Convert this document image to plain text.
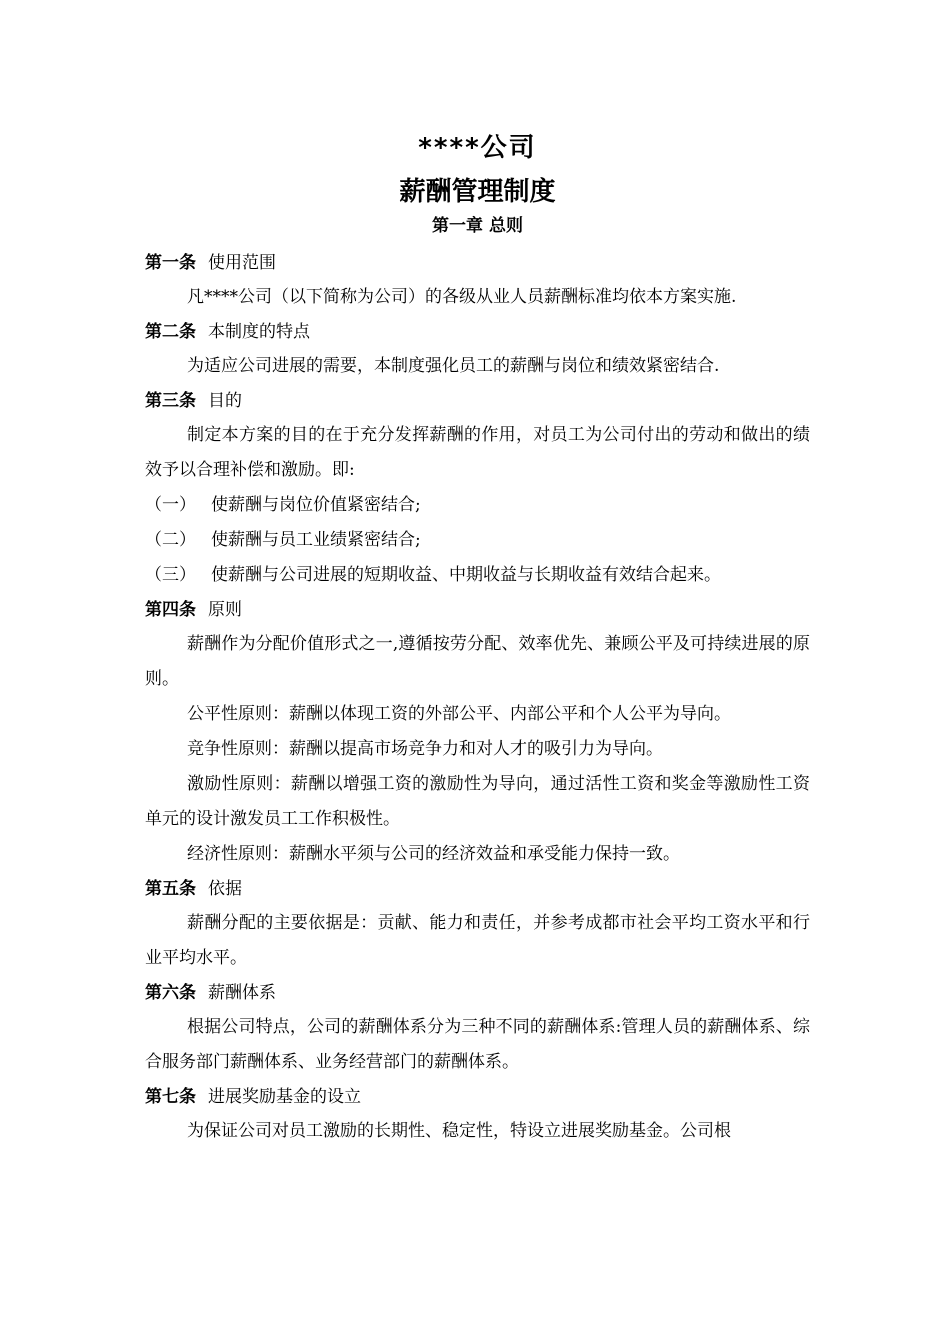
****公司
薪酬管理制度
第一章 总则

第一条 使用范围

凡****公司（以下简称为公司）的各级从业人员薪酬标准均依本方案实施.

第二条 本制度的特点

为适应公司进展的需要，本制度强化员工的薪酬与岗位和绩效紧密结合.

第三条 目的

制定本方案的目的在于充分发挥薪酬的作用，对员工为公司付出的劳动和做出的绩效予以合理补偿和激励。即:

（一） 使薪酬与岗位价值紧密结合;

（二） 使薪酬与员工业绩紧密结合;

（三） 使薪酬与公司进展的短期收益、中期收益与长期收益有效结合起来。

第四条 原则

薪酬作为分配价值形式之一,遵循按劳分配、效率优先、兼顾公平及可持续进展的原则。

公平性原则：薪酬以体现工资的外部公平、内部公平和个人公平为导向。

竞争性原则：薪酬以提高市场竞争力和对人才的吸引力为导向。

激励性原则：薪酬以增强工资的激励性为导向，通过活性工资和奖金等激励性工资单元的设计激发员工工作积极性。

经济性原则：薪酬水平须与公司的经济效益和承受能力保持一致。

第五条 依据

薪酬分配的主要依据是：贡献、能力和责任，并参考成都市社会平均工资水平和行业平均水平。

第六条 薪酬体系

根据公司特点，公司的薪酬体系分为三种不同的薪酬体系:管理人员的薪酬体系、综合服务部门薪酬体系、业务经营部门的薪酬体系。

第七条 进展奖励基金的设立

为保证公司对员工激励的长期性、稳定性，特设立进展奖励基金。公司根
